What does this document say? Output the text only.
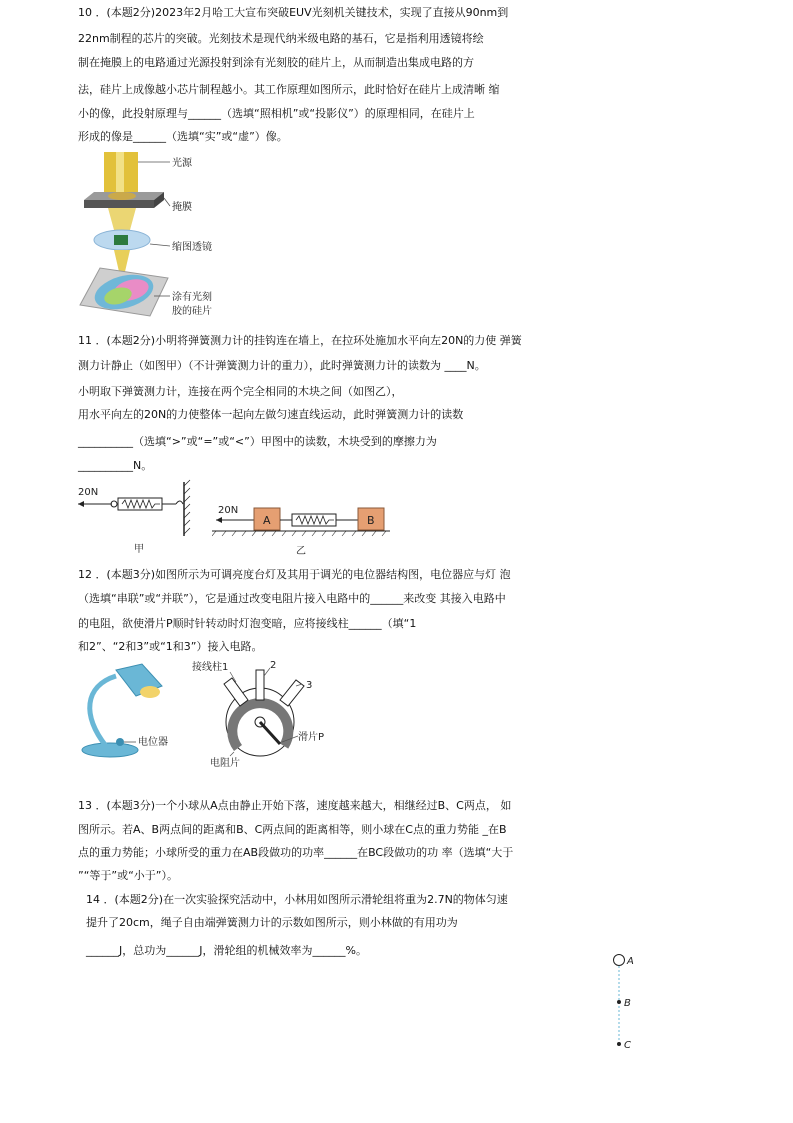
10 ．(本题2分)2023年2月哈工大宣布突破EUV光刻机关键技术，实现了直接从90nm到
22nm制程的芯片的突破。光刻技术是现代纳米级电路的基石，它是指利用透镜将绘
制在掩膜上的电路通过光源投射到涂有光刻胶的硅片上，从而制造出集成电路的方
法，硅片上成像越小芯片制程越小。其工作原理如图所示，此时恰好在硅片上成清晰 缩
小的像，此投射原理与______（选填“照相机”或“投影仪”）的原理相同，在硅片上
形成的像是______（选填“实”或“虚”）像。
光源
掩膜
缩图透镜
涂有光刻
胶的硅片
11 ．(本题2分)小明将弹簧测力计的挂钩连在墙上，在拉环处施加水平向左20N的力使 弹簧
测力计静止（如图甲）（不计弹簧测力计的重力），此时弹簧测力计的读数为 ____N。
小明取下弹簧测力计，连接在两个完全相同的木块之间（如图乙），
用水平向左的20N的力使整体一起向左做匀速直线运动，此时弹簧测力计的读数
__________（选填“>”或“=”或“<”）甲图中的读数，木块受到的摩擦力为
__________N。
20N
甲
20N
A	B
乙
12 ．(本题3分)如图所示为可调亮度台灯及其用于调光的电位器结构图，电位器应与灯 泡
（选填“串联”或“并联”），它是通过改变电阻片接入电路中的______来改变 其接入电路中
的电阻，欲使滑片P顺时针转动时灯泡变暗，应将接线柱______（填“1
和2”、“2和3”或“1和3”）接入电路。
电位器
接线柱1	2
3
滑片P
电阻片
13 ．(本题3分)一个小球从A点由静止开始下落，速度越来越大，相继经过B、C两点， 如
图所示。若A、B两点间的距离和B、C两点间的距离相等，则小球在C点的重力势能 _在B
点的重力势能；小球所受的重力在AB段做功的功率______在BC段做功的功 率（选填“大于
”“等于”或“小于”）。
14 ．(本题2分)在一次实验探究活动中，小林用如图所示滑轮组将重为2.7N的物体匀速
提升了20cm，绳子自由端弹簧测力计的示数如图所示，则小林做的有用功为
______J，总功为______J，滑轮组的机械效率为______%。
A
B
C
